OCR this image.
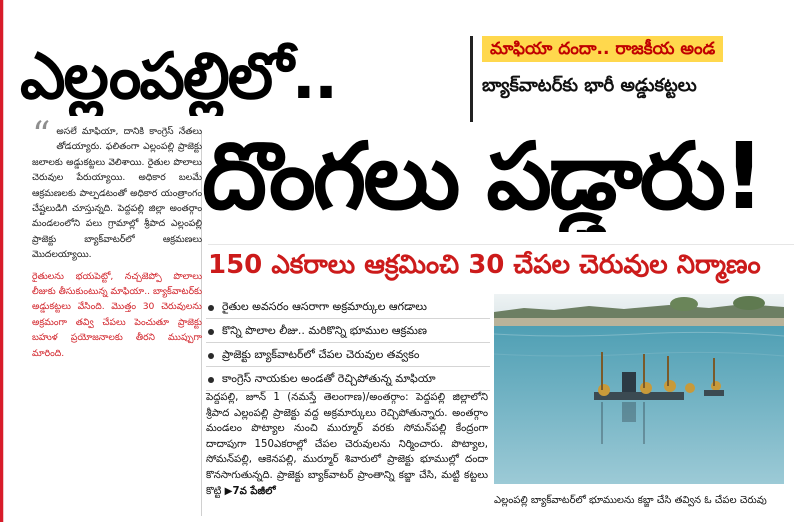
ఎల్లంపల్లిలో..	మాఫియా దందా.. రాజకీయ అండ
బ్యాక్‌వాటర్‌కు భారీ అడ్డుకట్టలు
“ అసలే మాఫియా, దానికి కాంగ్రెస్ నేతలు తోడయ్యారు. ఫలితంగా ఎల్లంపల్లి ప్రాజెక్టు జలాలకు అడ్డుకట్టలు వెలిశాయి. రైతుల పొలాలు చెరువుల పేరుయ్యాయి. అధికార బలమే ఆక్రమణలకు పాల్పడటంతో అధికార యంత్రాంగం చేష్టలుడిగి చూస్తున్నది. పెద్దపల్లి జిల్లా అంతర్గాం మండలంలోని పలు గ్రామాల్లో శ్రీపాద ఎల్లంపల్లి ప్రాజెక్టు బ్యాక్‌వాటర్‌లో ఆక్రమణలు మొదలయ్యాయి.

రైతులను భయపెట్టో, నచ్చజెప్పో పొలాలు లీజుకు తీసుకుంటున్న మాఫియా.. బ్యాక్‌వాటర్‌కు అడ్డుకట్టలు వేసింది. మొత్తం 30 చెరువులను అక్రమంగా తవ్వి చేపలు పెంచుతూ ప్రాజెక్టు బహుళ ప్రయోజనాలకు తీరని ముప్పుగా మారింది.

దొంగలు పడ్డారు!
150 ఎకరాలు ఆక్రమించి 30 చేపల చెరువుల నిర్మాణం
రైతుల అవసరం ఆసరాగా అక్రమార్కుల ఆగడాలు
కొన్ని పొలాల లీజు.. మరికొన్ని భూముల ఆక్రమణ
ప్రాజెక్టు బ్యాక్‌వాటర్‌లో చేపల చెరువుల తవ్వకం
కాంగ్రెస్ నాయకుల అండతో రెచ్చిపోతున్న మాఫియా
ఎల్లంపల్లి బ్యాక్‌వాటర్‌లో భూములను కబ్జా చేసి తవ్విన ఓ చేపల చెరువు
పెద్దపల్లి, జూన్ 1 (నమస్తే తెలంగాణ)/అంతర్గాం: పెద్దపల్లి జిల్లాలోని శ్రీపాద ఎల్లంపల్లి ప్రాజెక్టు వద్ద అక్రమార్కులు రెచ్చిపోతున్నారు. అంతర్గాం మండలం పొట్యాల నుంచి ముర్మూర్ వరకు సోమన్‌పల్లి కేంద్రంగా దాదాపుగా 150ఎకరాల్లో చేపల చెరువులను నిర్మించారు. పొట్యాల, సోమన్‌పల్లి, ఆకెనపల్లి, ముర్మూర్ శివారులో ప్రాజెక్టు భూముల్లో దందా కొనసాగుతున్నది. ప్రాజెక్టు బ్యాక్‌వాటర్ ప్రాంతాన్ని కబ్జా చేసి, మట్టి కట్టలు కొట్టి ▶7వ పేజీలో
